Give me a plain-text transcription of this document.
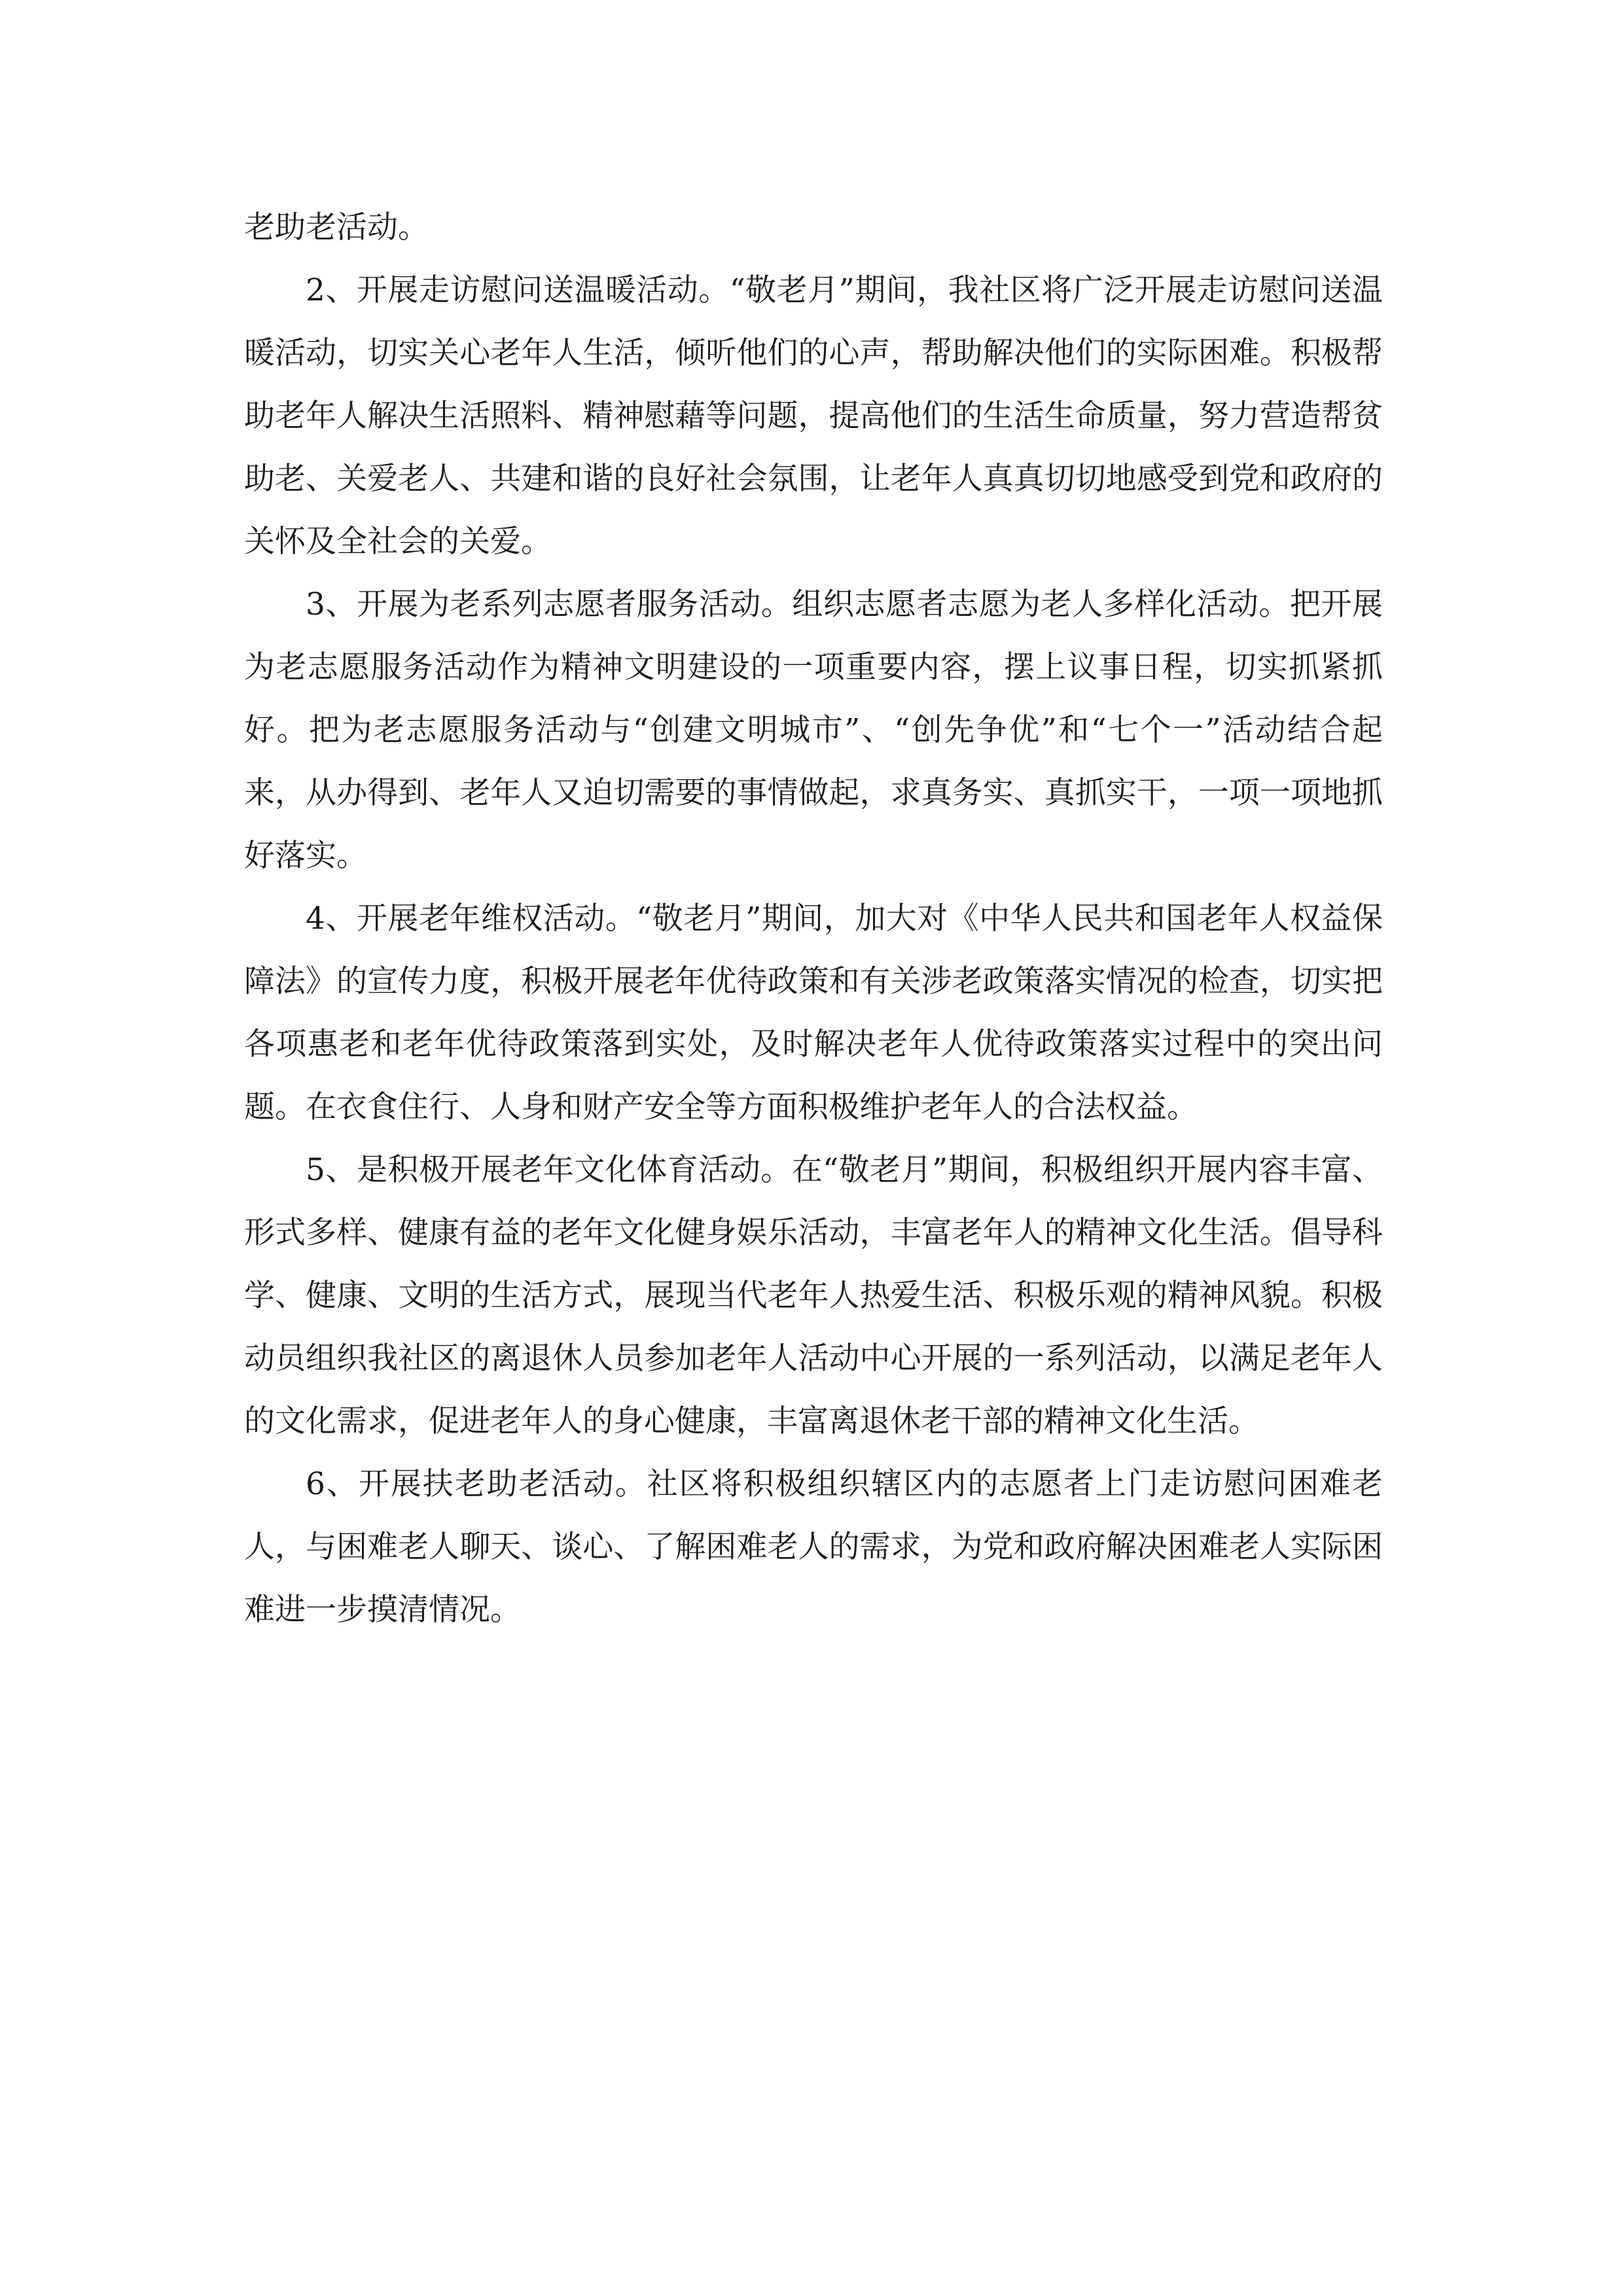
老助老活动。

2、开展走访慰问送温暖活动。“敬老月”期间，我社区将广泛开展走访慰问送温暖活动，切实关心老年人生活，倾听他们的心声，帮助解决他们的实际困难。积极帮助老年人解决生活照料、精神慰藉等问题，提高他们的生活生命质量，努力营造帮贫助老、关爱老人、共建和谐的良好社会氛围，让老年人真真切切地感受到党和政府的关怀及全社会的关爱。

3、开展为老系列志愿者服务活动。组织志愿者志愿为老人多样化活动。把开展为老志愿服务活动作为精神文明建设的一项重要内容，摆上议事日程，切实抓紧抓好。把为老志愿服务活动与“创建文明城市”、“创先争优”和“七个一”活动结合起来，从办得到、老年人又迫切需要的事情做起，求真务实、真抓实干，一项一项地抓好落实。

4、开展老年维权活动。“敬老月”期间，加大对《中华人民共和国老年人权益保障法》的宣传力度，积极开展老年优待政策和有关涉老政策落实情况的检查，切实把各项惠老和老年优待政策落到实处，及时解决老年人优待政策落实过程中的突出问题。在衣食住行、人身和财产安全等方面积极维护老年人的合法权益。

5、是积极开展老年文化体育活动。在“敬老月”期间，积极组织开展内容丰富、形式多样、健康有益的老年文化健身娱乐活动，丰富老年人的精神文化生活。倡导科学、健康、文明的生活方式，展现当代老年人热爱生活、积极乐观的精神风貌。积极动员组织我社区的离退休人员参加老年人活动中心开展的一系列活动，以满足老年人的文化需求，促进老年人的身心健康，丰富离退休老干部的精神文化生活。

6、开展扶老助老活动。社区将积极组织辖区内的志愿者上门走访慰问困难老人，与困难老人聊天、谈心、了解困难老人的需求，为党和政府解决困难老人实际困难进一步摸清情况。
